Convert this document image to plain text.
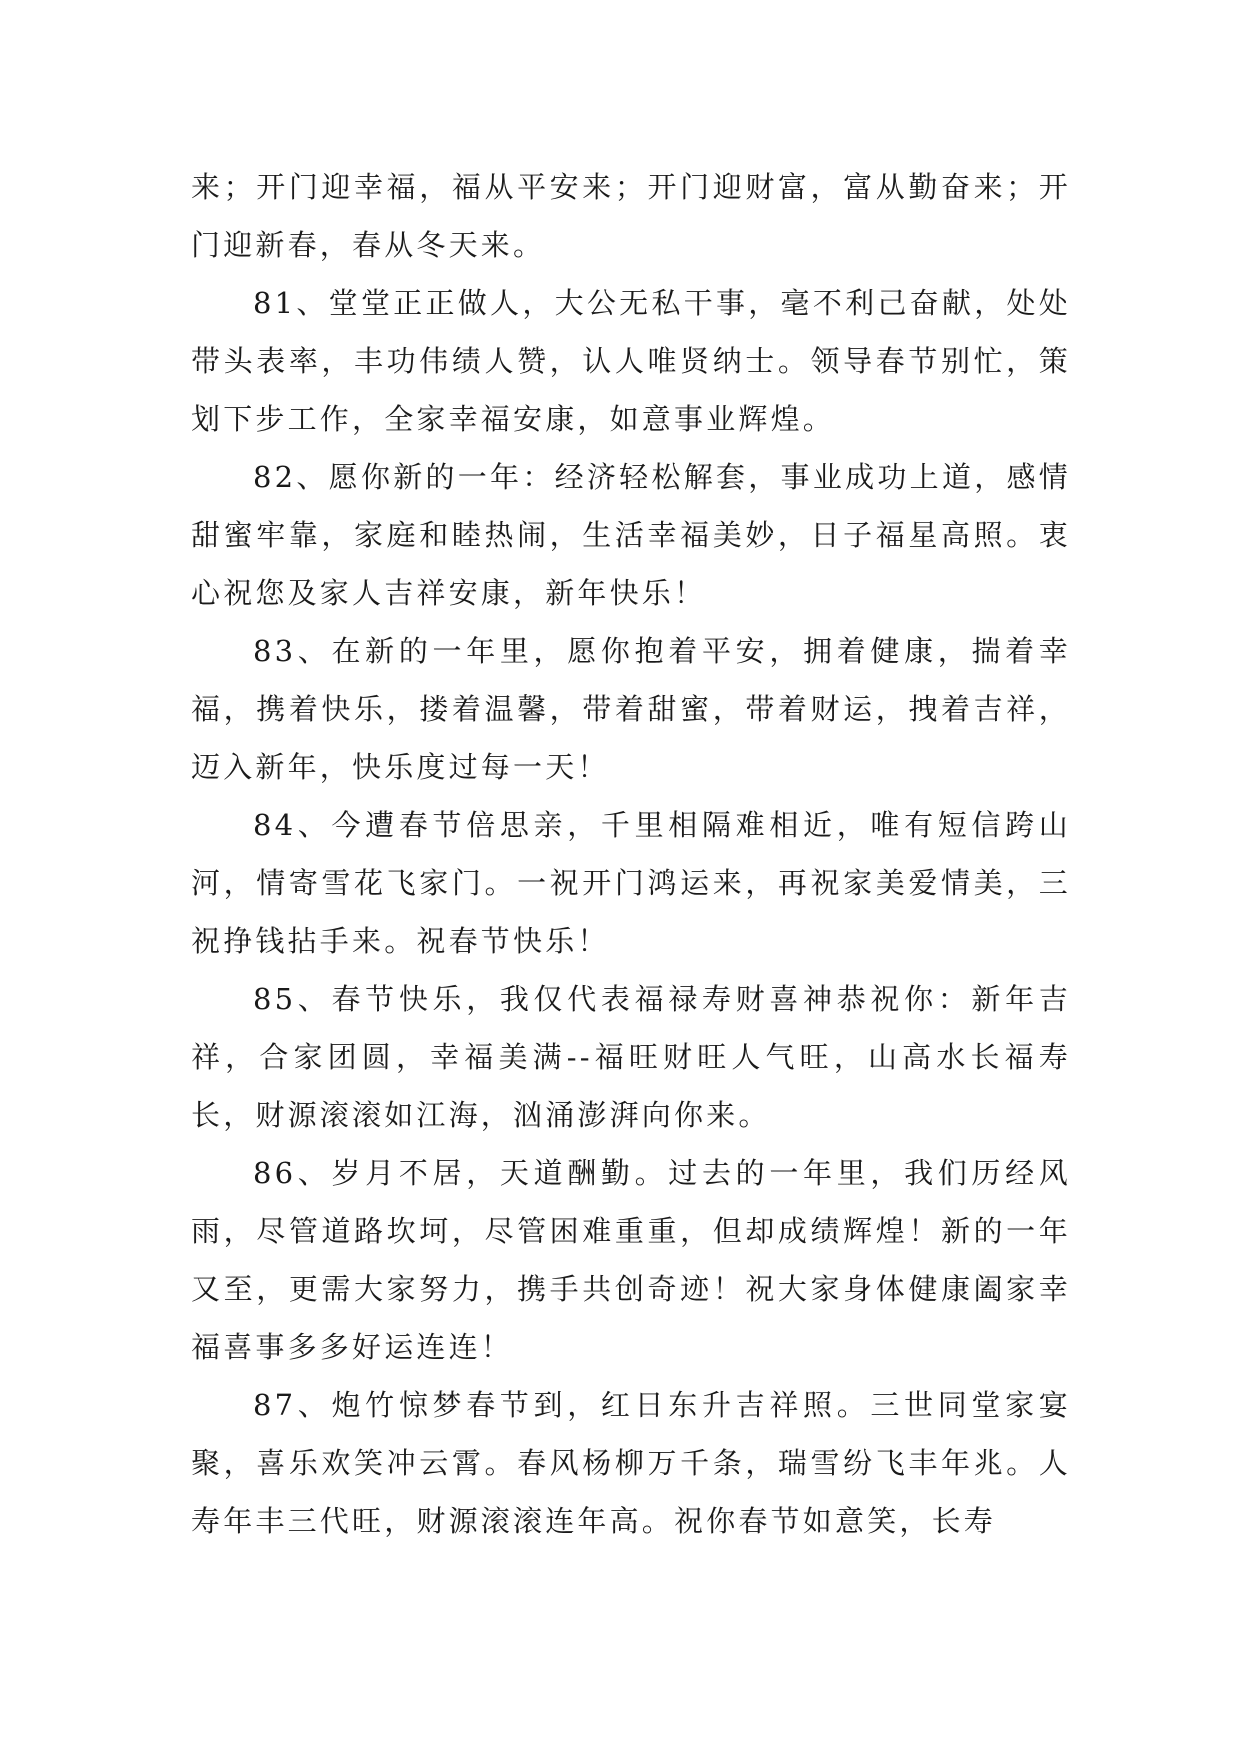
来；开门迎幸福，福从平安来；开门迎财富，富从勤奋来；开门迎新春，春从冬天来。

81、堂堂正正做人，大公无私干事，毫不利己奋献，处处带头表率，丰功伟绩人赞，认人唯贤纳士。领导春节别忙，策划下步工作，全家幸福安康，如意事业辉煌。

82、愿你新的一年：经济轻松解套，事业成功上道，感情甜蜜牢靠，家庭和睦热闹，生活幸福美妙，日子福星高照。衷心祝您及家人吉祥安康，新年快乐！

83、在新的一年里，愿你抱着平安，拥着健康，揣着幸福，携着快乐，搂着温馨，带着甜蜜，带着财运，拽着吉祥，迈入新年，快乐度过每一天！

84、今遭春节倍思亲，千里相隔难相近，唯有短信跨山河，情寄雪花飞家门。一祝开门鸿运来，再祝家美爱情美，三祝挣钱拈手来。祝春节快乐！

85、春节快乐，我仅代表福禄寿财喜神恭祝你：新年吉祥，合家团圆，幸福美满--福旺财旺人气旺，山高水长福寿长，财源滚滚如江海，汹涌澎湃向你来。

86、岁月不居，天道酬勤。过去的一年里，我们历经风雨，尽管道路坎坷，尽管困难重重，但却成绩辉煌！新的一年又至，更需大家努力，携手共创奇迹！祝大家身体健康阖家幸福喜事多多好运连连！

87、炮竹惊梦春节到，红日东升吉祥照。三世同堂家宴聚，喜乐欢笑冲云霄。春风杨柳万千条，瑞雪纷飞丰年兆。人寿年丰三代旺，财源滚滚连年高。祝你春节如意笑，长寿
